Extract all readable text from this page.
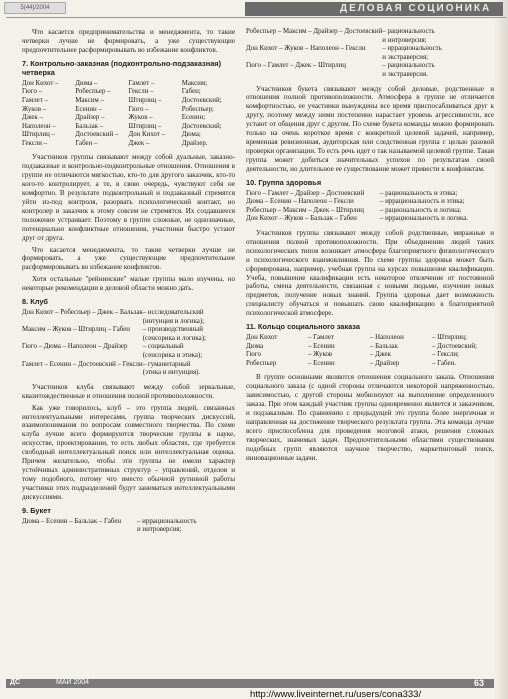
5(44)/2004	ДЕЛОВАЯ СОЦИОНИКА

Что касается предпринимательства и менеджмента, то такие четверки лучше не формировать, а уже существующие предпочтительнее расформировывать во избежание конфликтов.

7. Контрольно-заказная (подконтрольно-подзаказная) четверка
Дон Кихот –	Дюма –	Гамлет –	Максим;
Гюго –	Робеспьер –	Гексли –	Габен;
Гамлет –	Максим –	Штирлиц –	Достоевский;
Жуков –	Есенин –	Гюго –	Робеспьер;
Джек –	Драйзер –	Жуков –	Есенин;
Наполеон –	Бальзак –	Штирлиц –	Достоевский;
Штирлиц –	Достоевский –	Дон Кихот –	Дюма;
Гексли –	Габен –	Джек –	Драйзер.

Участников группы связывают между собой дуальные, заказно-подзаказные и контрольно-подконтрольные отношения. Отношения в группе не отличаются мягкостью, кто-то для другого заказчик, кто-то кого-то контролирует, а те, в свою очередь, чувствуют себя не комфортно. В результате подконтрольный и подзаказный стремятся уйти из-под контроля, разорвать психологический контакт, но контролер и заказчик к этому совсем не стремятся. Их создавшееся положение устраивает. Поэтому в группе сложные, не однозначные, потенциально конфликтные отношения, участники быстро устают друг от друга.

Что касается менеджмента, то такие четверки лучше не формировать, а уже существующие предпочтительнее расформировывать во избежание конфликтов.

Хотя остальные "рейнинские" малые группы мало изучены, но некоторые рекомендации в деловой области можно дать.

8. Клуб
Дон Кихот – Робеспьер – Джек – Бальзак	– исследовательский
	(интуиция и логика);
Максим – Жуков – Штирлиц – Габен	– производственный
	(сенсорика и логика);
Гюго – Дюма – Наполеон – Драйзер	– социальный
	(сенсорика и этика);
Гамлет – Есенин – Достоевский – Гексли	– гуманитарный
	(этика и интуиция).

Участников клуба связывают между собой зеркальные, квазитождественные и отношения полной противоположности.

Как уже говорилось, клуб – это группа людей, связанных интеллектуальными интересами, группа творческих дискуссий, взаимопонимания по вопросам совместного творчества. По схеме клуба лучше всего формируются творческие группы в науке, искусстве, проектировании, то есть любых областях, где требуется свободный интеллектуальный поиск или интеллектуальная оценка. Причем желательно, чтобы эти группы не имели характер устойчивых административных структур – управлений, отделов и тому подобного, потому что вместо обычной рутинной работы участники этих подразделений будут заниматься интеллектуальными дискуссиями.

9. Букет
Дюма – Есенин – Бальзак – Габен	– иррациональность
	и интроверсия;
Робеспьер – Максим – Драйзер – Достоевский	– рациональность
	и интроверсия;
Дон Кихот – Жуков – Наполеон – Гексли	– иррациональность
	и экстраверсия;
Гюго – Гамлет – Джек – Штирлиц	– рациональность
	и экстраверсия.

Участников букета связывают между собой деловые, родственные и отношения полной противоположности. Атмосфера в группе не отличается комфортностью, ее участники вынуждены все время приспосабливаться друг к другу, поэтому между ними постепенно нарастает уровень агрессивности, все устают от общения друг с другом. По схеме букета команды можно формировать только на очень короткое время с конкретной целевой задачей, например, временная ревизионная, аудиторская или следственная группа с целью разовой проверки организации. То есть речь идет о так называемой целевой группе. Такая группа может добиться значительных успехов по результатам своей деятельности, но длительное ее существование может привести к конфликтам.

10. Группа здоровья
Гюго – Гамлет – Драйзер – Достоевский	– рациональность и этика;
Дюма – Есенин – Наполеон – Гексли	– иррациональность и этика;
Робеспьер – Максим – Джек – Штирлиц	– рациональность и логика;
Дон Кихот – Жуков – Бальзак – Габен	– иррациональность и логика.

Участников группы связывают между собой родственные, миражные и отношения полной противоположности. При объединении людей таких психологических типов возникает атмосфера благоприятного физиологического и психологического взаимовлияния. По схеме группы здоровья может быть сформирована, например, учебная группа на курсах повышения квалификации. Учеба, повышение квалификации есть некоторое отвлечение от постоянной работы, смена деятельности, связанная с новыми людьми, изучение новых предметов, получение новых знаний. Группа здоровья дает возможность специалисту обучаться и повышать свою квалификацию в благоприятной психологической атмосфере.

11. Кольцо социального заказа
Дон Кихот	– Гамлет	– Наполеон	– Штирлиц;
Дюма	– Есенин	– Бальзак	– Достоевский;
Гюго	– Жуков	– Джек	– Гексли;
Робеспьер	– Есенин	– Драйзер	– Габен.

В группе основными являются отношения социального заказа. Отношения социального заказа (с одной стороны отличаются некоторой напряженностью, зависимостью, с другой стороны мобилизуют на выполнение определенного заказа. При этом каждый участник группы одновременно является и заказчиком, и подзаказным. По сравнению с предыдущей это группа более энергичная и направленная на достижение творческого результата группа. Эта команда лучше всего приспособлена для проведения мозговой атаки, решения сложных творческих, значимых задач. Предпочтительными областями существования подобных групп являются научное творчество, маркетинговый поиск, инновационные задачи.

ДС	МАЙ 2004	63
http://www.liveinternet.ru/users/cona333/
